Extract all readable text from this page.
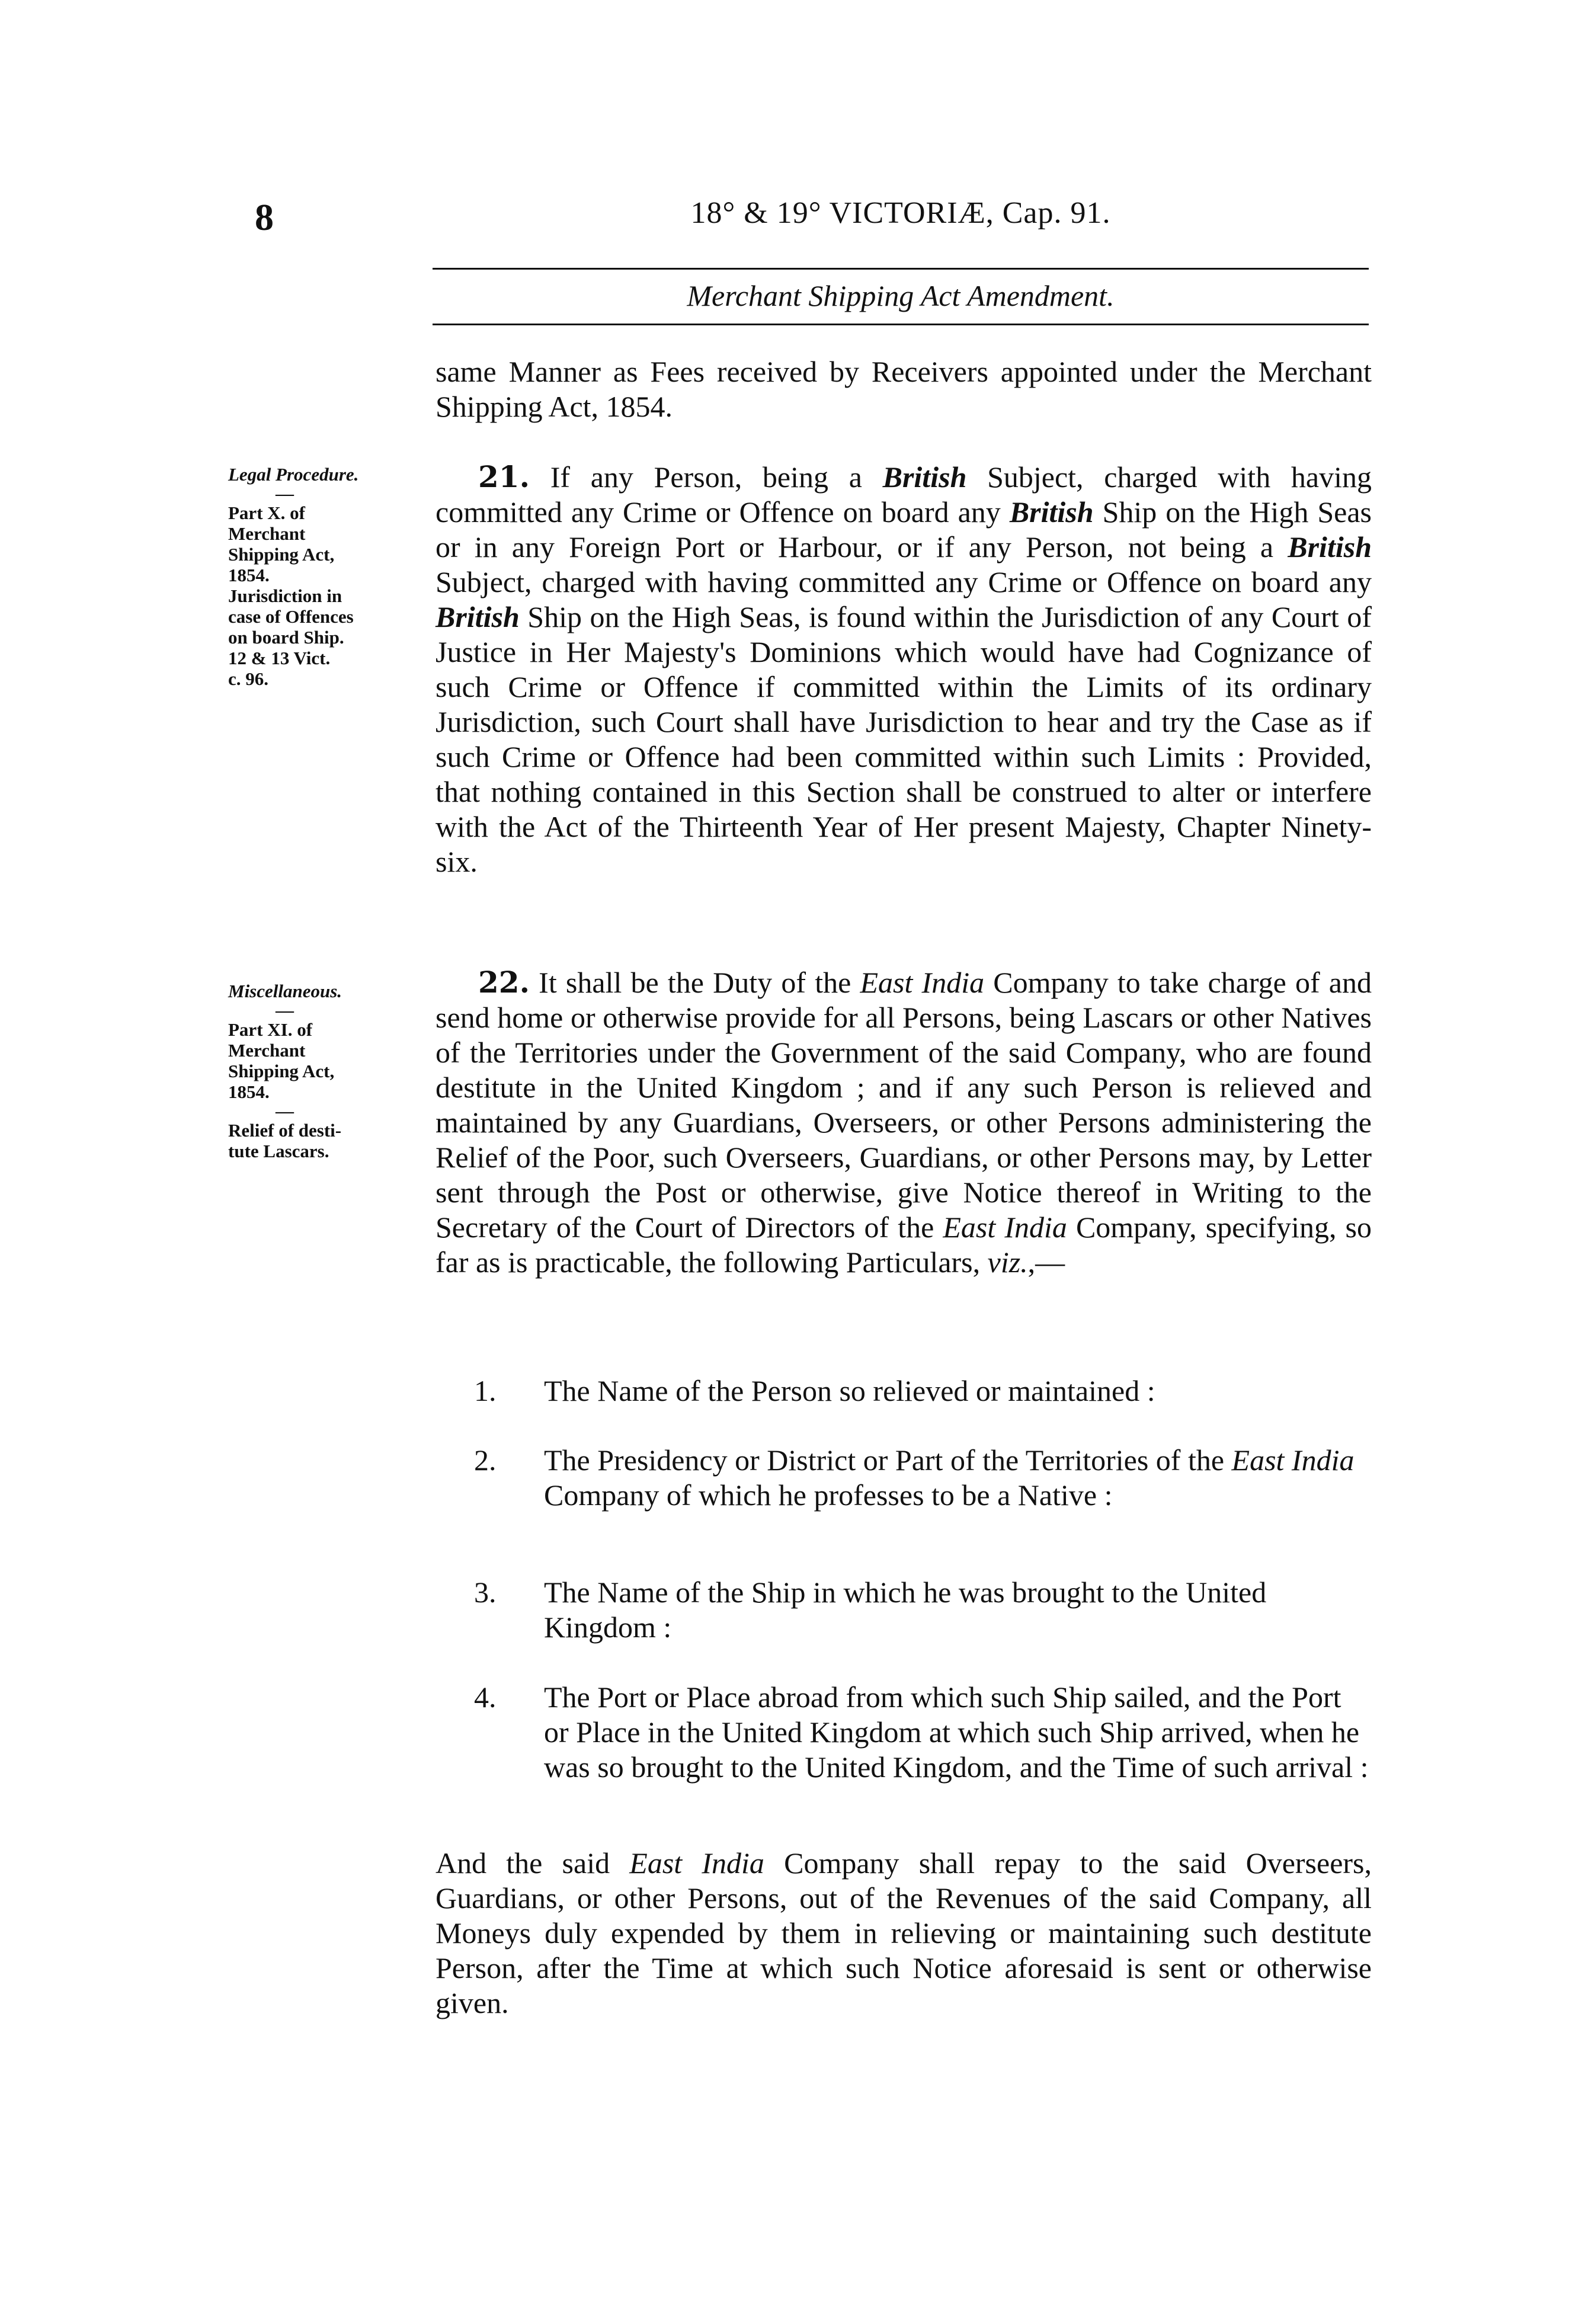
8	18° & 19° VICTORIÆ, Cap. 91.
Merchant Shipping Act Amendment.
same Manner as Fees received by Receivers appointed under the Merchant Shipping Act, 1854.
Legal Procedure.
—
Part X. of
Merchant
Shipping Act,
1854.
Jurisdiction in
case of Offences
on board Ship.
12 & 13 Vict.
c. 96.
21. If any Person, being a British Subject, charged with having committed any Crime or Offence on board any British Ship on the High Seas or in any Foreign Port or Harbour, or if any Person, not being a British Subject, charged with having committed any Crime or Offence on board any British Ship on the High Seas, is found within the Jurisdiction of any Court of Justice in Her Majesty's Dominions which would have had Cognizance of such Crime or Offence if committed within the Limits of its ordinary Jurisdiction, such Court shall have Jurisdiction to hear and try the Case as if such Crime or Offence had been committed within such Limits : Provided, that nothing contained in this Section shall be construed to alter or interfere with the Act of the Thirteenth Year of Her present Majesty, Chapter Ninety-six.
Miscellaneous.
—
Part XI. of
Merchant
Shipping Act,
1854.
—
Relief of desti-
tute Lascars.
22. It shall be the Duty of the East India Company to take charge of and send home or otherwise provide for all Persons, being Lascars or other Natives of the Territories under the Government of the said Company, who are found destitute in the United Kingdom ; and if any such Person is relieved and maintained by any Guardians, Overseers, or other Persons administering the Relief of the Poor, such Overseers, Guardians, or other Persons may, by Letter sent through the Post or otherwise, give Notice thereof in Writing to the Secretary of the Court of Directors of the East India Company, specifying, so far as is practicable, the following Particulars, viz.,—
1. The Name of the Person so relieved or maintained :
2. The Presidency or District or Part of the Territories of the East India Company of which he professes to be a Native :
3. The Name of the Ship in which he was brought to the United Kingdom :
4. The Port or Place abroad from which such Ship sailed, and the Port or Place in the United Kingdom at which such Ship arrived, when he was so brought to the United Kingdom, and the Time of such arrival :
And the said East India Company shall repay to the said Overseers, Guardians, or other Persons, out of the Revenues of the said Company, all Moneys duly expended by them in relieving or maintaining such destitute Person, after the Time at which such Notice aforesaid is sent or otherwise given.
